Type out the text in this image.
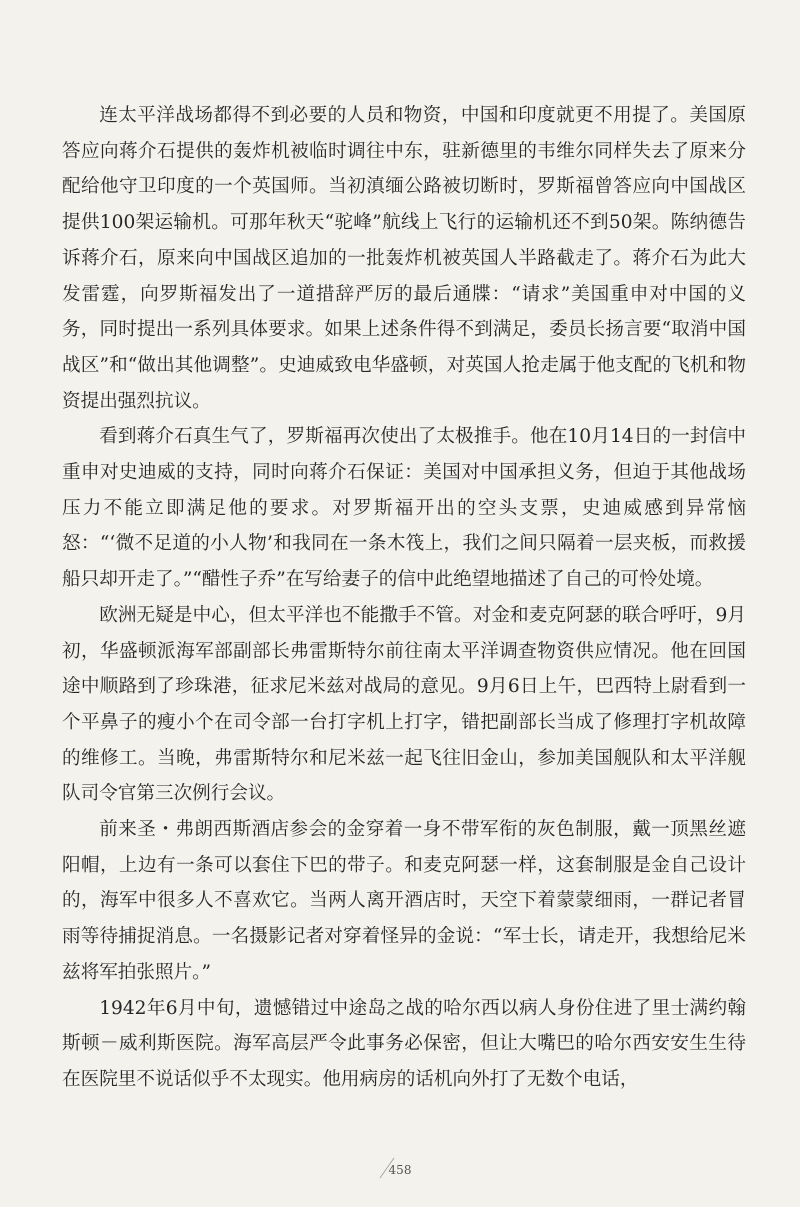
连太平洋战场都得不到必要的人员和物资，中国和印度就更不用提了。美国原答应向蒋介石提供的轰炸机被临时调往中东，驻新德里的韦维尔同样失去了原来分配给他守卫印度的一个英国师。当初滇缅公路被切断时，罗斯福曾答应向中国战区提供100架运输机。可那年秋天“驼峰”航线上飞行的运输机还不到50架。陈纳德告诉蒋介石，原来向中国战区追加的一批轰炸机被英国人半路截走了。蒋介石为此大发雷霆，向罗斯福发出了一道措辞严厉的最后通牒：“请求”美国重申对中国的义务，同时提出一系列具体要求。如果上述条件得不到满足，委员长扬言要“取消中国战区”和“做出其他调整”。史迪威致电华盛顿，对英国人抢走属于他支配的飞机和物资提出强烈抗议。

看到蒋介石真生气了，罗斯福再次使出了太极推手。他在10月14日的一封信中重申对史迪威的支持，同时向蒋介石保证：美国对中国承担义务，但迫于其他战场压力不能立即满足他的要求。对罗斯福开出的空头支票，史迪威感到异常恼怒：“‘微不足道的小人物’和我同在一条木筏上，我们之间只隔着一层夹板，而救援船只却开走了。”“醋性子乔”在写给妻子的信中此绝望地描述了自己的可怜处境。

欧洲无疑是中心，但太平洋也不能撒手不管。对金和麦克阿瑟的联合呼吁，9月初，华盛顿派海军部副部长弗雷斯特尔前往南太平洋调查物资供应情况。他在回国途中顺路到了珍珠港，征求尼米兹对战局的意见。9月6日上午，巴西特上尉看到一个平鼻子的瘦小个在司令部一台打字机上打字，错把副部长当成了修理打字机故障的维修工。当晚，弗雷斯特尔和尼米兹一起飞往旧金山，参加美国舰队和太平洋舰队司令官第三次例行会议。

前来圣・弗朗西斯酒店参会的金穿着一身不带军衔的灰色制服，戴一顶黑丝遮阳帽，上边有一条可以套住下巴的带子。和麦克阿瑟一样，这套制服是金自己设计的，海军中很多人不喜欢它。当两人离开酒店时，天空下着蒙蒙细雨，一群记者冒雨等待捕捉消息。一名摄影记者对穿着怪异的金说：“军士长，请走开，我想给尼米兹将军拍张照片。”

1942年6月中旬，遗憾错过中途岛之战的哈尔西以病人身份住进了里士满约翰斯顿－威利斯医院。海军高层严令此事务必保密，但让大嘴巴的哈尔西安安生生待在医院里不说话似乎不太现实。他用病房的话机向外打了无数个电话，

458
